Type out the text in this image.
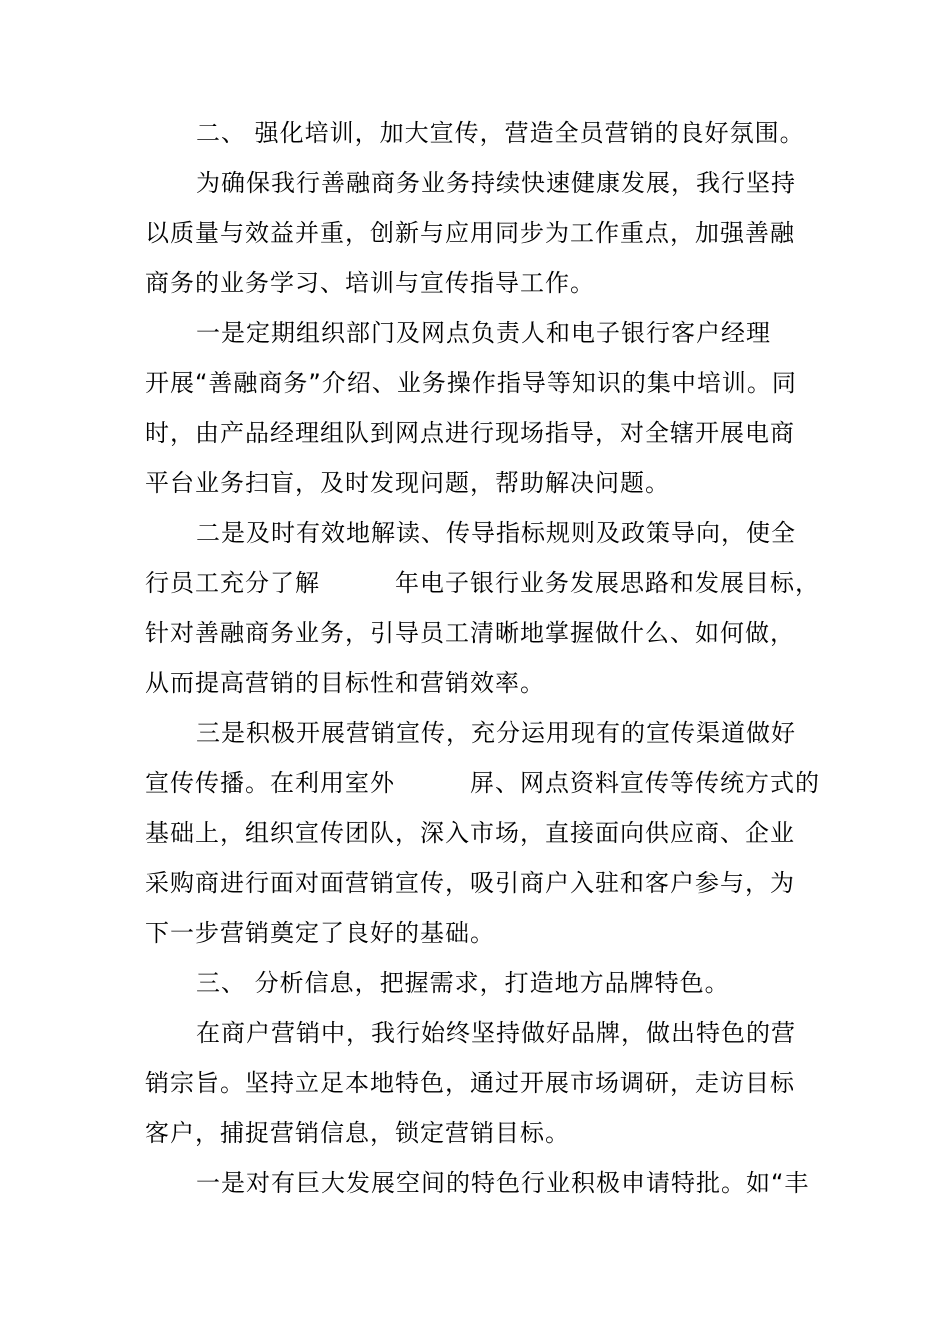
二、 强化培训，加大宣传，营造全员营销的良好氛围。
为确保我行善融商务业务持续快速健康发展，我行坚持
以质量与效益并重，创新与应用同步为工作重点，加强善融
商务的业务学习、培训与宣传指导工作。
一是定期组织部门及网点负责人和电子银行客户经理
开展“善融商务”介绍、业务操作指导等知识的集中培训。同
时，由产品经理组队到网点进行现场指导，对全辖开展电商
平台业务扫盲，及时发现问题，帮助解决问题。
二是及时有效地解读、传导指标规则及政策导向，使全
行员工充分了解　　　年电子银行业务发展思路和发展目标，
针对善融商务业务，引导员工清晰地掌握做什么、如何做，
从而提高营销的目标性和营销效率。
三是积极开展营销宣传，充分运用现有的宣传渠道做好
宣传传播。在利用室外　　　屏、网点资料宣传等传统方式的
基础上，组织宣传团队，深入市场，直接面向供应商、企业
采购商进行面对面营销宣传，吸引商户入驻和客户参与，为
下一步营销奠定了良好的基础。
三、 分析信息，把握需求，打造地方品牌特色。
在商户营销中，我行始终坚持做好品牌，做出特色的营
销宗旨。坚持立足本地特色，通过开展市场调研，走访目标
客户，捕捉营销信息，锁定营销目标。
一是对有巨大发展空间的特色行业积极申请特批。如“丰
